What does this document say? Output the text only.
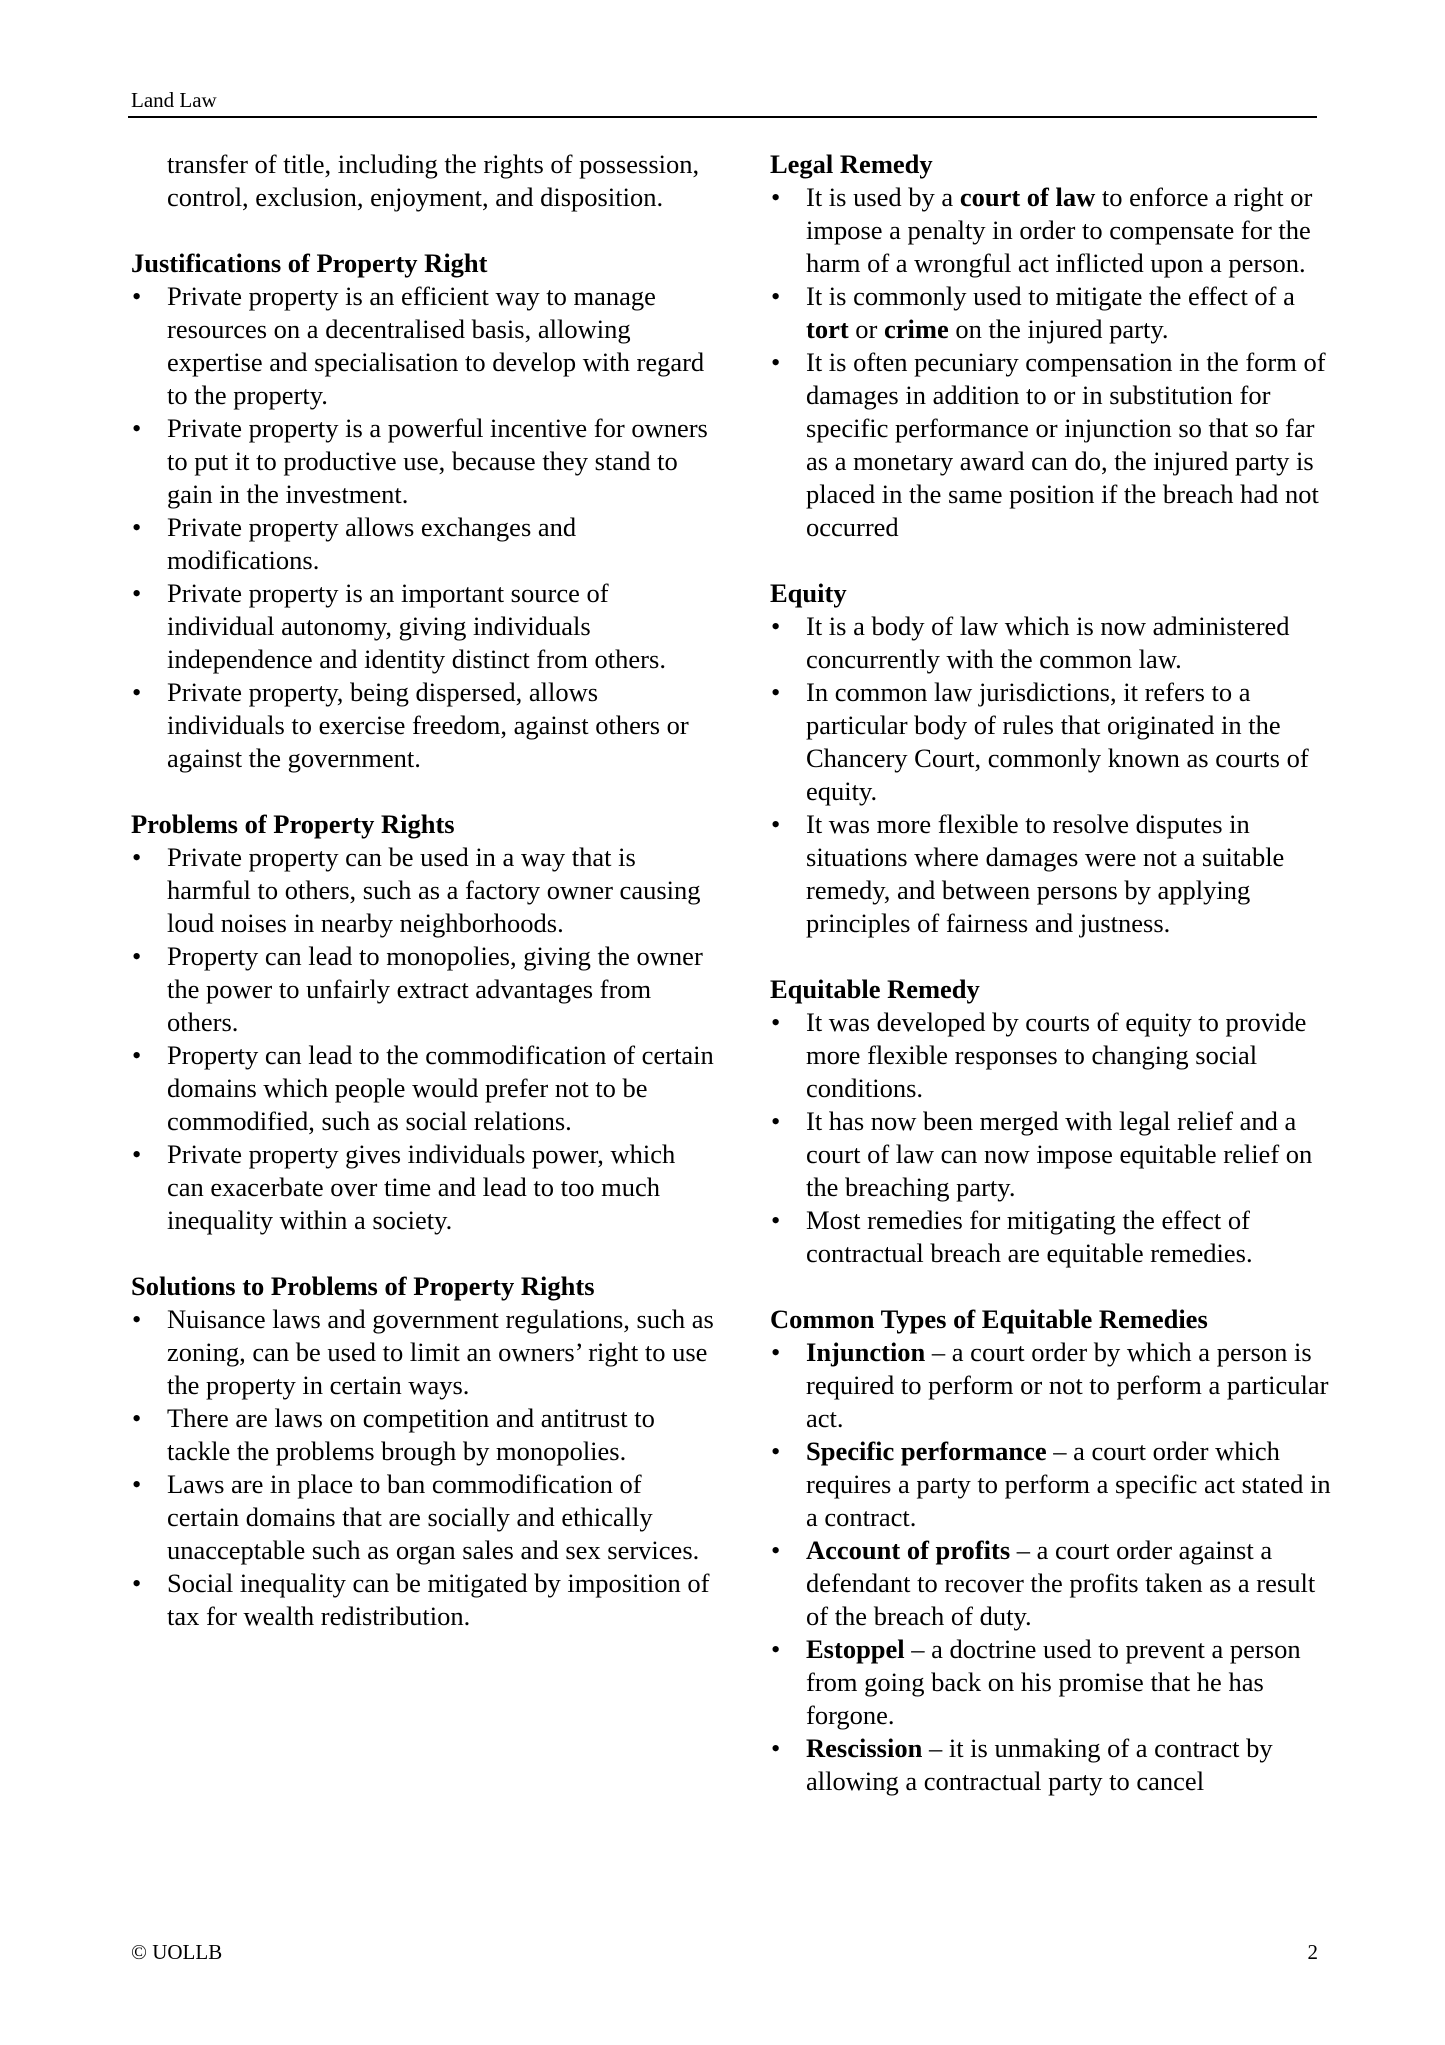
Land Law

transfer of title, including the rights of possession, control, exclusion, enjoyment, and disposition.

Justifications of Property Right

• Private property is an efficient way to manage resources on a decentralised basis, allowing expertise and specialisation to develop with regard to the property.
• Private property is a powerful incentive for owners to put it to productive use, because they stand to gain in the investment.
• Private property allows exchanges and modifications.
• Private property is an important source of individual autonomy, giving individuals independence and identity distinct from others.
• Private property, being dispersed, allows individuals to exercise freedom, against others or against the government.

Problems of Property Rights

• Private property can be used in a way that is harmful to others, such as a factory owner causing loud noises in nearby neighborhoods.
• Property can lead to monopolies, giving the owner the power to unfairly extract advantages from others.
• Property can lead to the commodification of certain domains which people would prefer not to be commodified, such as social relations.
• Private property gives individuals power, which can exacerbate over time and lead to too much inequality within a society.

Solutions to Problems of Property Rights

• Nuisance laws and government regulations, such as zoning, can be used to limit an owners’ right to use the property in certain ways.
• There are laws on competition and antitrust to tackle the problems brough by monopolies.
• Laws are in place to ban commodification of certain domains that are socially and ethically unacceptable such as organ sales and sex services.
• Social inequality can be mitigated by imposition of tax for wealth redistribution.

Legal Remedy

• It is used by a court of law to enforce a right or impose a penalty in order to compensate for the harm of a wrongful act inflicted upon a person.
• It is commonly used to mitigate the effect of a tort or crime on the injured party.
• It is often pecuniary compensation in the form of damages in addition to or in substitution for specific performance or injunction so that so far as a monetary award can do, the injured party is placed in the same position if the breach had not occurred

Equity

• It is a body of law which is now administered concurrently with the common law.
• In common law jurisdictions, it refers to a particular body of rules that originated in the Chancery Court, commonly known as courts of equity.
• It was more flexible to resolve disputes in situations where damages were not a suitable remedy, and between persons by applying principles of fairness and justness.

Equitable Remedy

• It was developed by courts of equity to provide more flexible responses to changing social conditions.
• It has now been merged with legal relief and a court of law can now impose equitable relief on the breaching party.
• Most remedies for mitigating the effect of contractual breach are equitable remedies.

Common Types of Equitable Remedies

• Injunction – a court order by which a person is required to perform or not to perform a particular act.
• Specific performance – a court order which requires a party to perform a specific act stated in a contract.
• Account of profits – a court order against a defendant to recover the profits taken as a result of the breach of duty.
• Estoppel – a doctrine used to prevent a person from going back on his promise that he has forgone.
• Rescission – it is unmaking of a contract by allowing a contractual party to cancel
© UOLLB	2
